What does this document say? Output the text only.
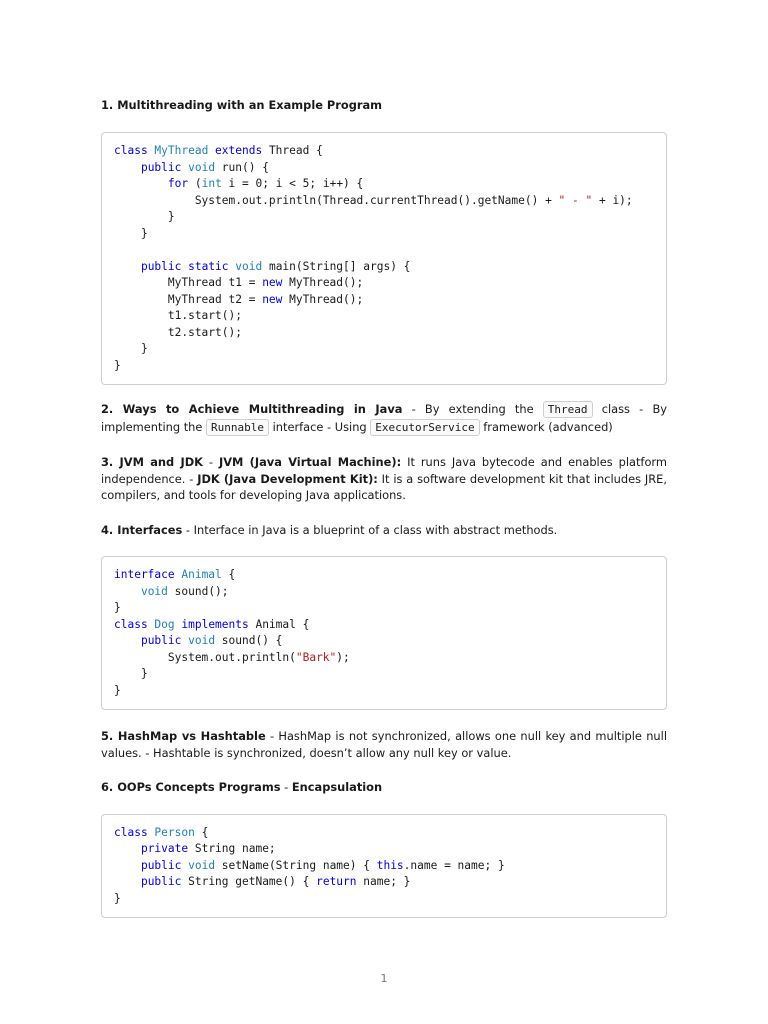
1. Multithreading with an Example Program

class MyThread extends Thread {
public void run() {
for (int i = 0; i < 5; i++) {
System.out.println(Thread.currentThread().getName() + " - " + i);
}
}

public static void main(String[] args) {
MyThread t1 = new MyThread();
MyThread t2 = new MyThread();
t1.start();
t2.start();
}
}

2. Ways to Achieve Multithreading in Java - By extending the Thread class - By implementing the Runnable interface - Using ExecutorService framework (advanced)

3. JVM and JDK - JVM (Java Virtual Machine): It runs Java bytecode and enables platform independence. - JDK (Java Development Kit): It is a software development kit that includes JRE, compilers, and tools for developing Java applications.

4. Interfaces - Interface in Java is a blueprint of a class with abstract methods.

interface Animal {
void sound();
}
class Dog implements Animal {
public void sound() {
System.out.println("Bark");
}
}

5. HashMap vs Hashtable - HashMap is not synchronized, allows one null key and multiple null values. - Hashtable is synchronized, doesn’t allow any null key or value.

6. OOPs Concepts Programs - Encapsulation

class Person {
private String name;
public void setName(String name) { this.name = name; }
public String getName() { return name; }
}
1
